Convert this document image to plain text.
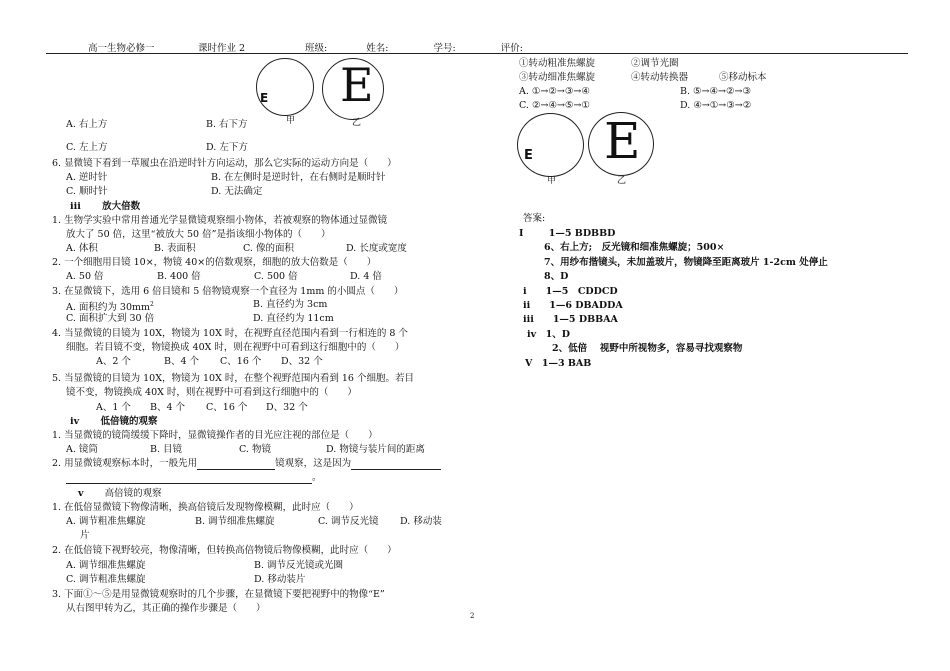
高一生物必修一	课时作业 2	班级:	姓名:	学号:	评价:
E
甲
E
乙
A. 右上方	B. 右下方
C. 左上方	D. 左下方
6. 显微镜下看到一草履虫在沿逆时针方向运动，那么它实际的运动方向是（　　）
A. 逆时针	B. 在左侧时是逆时针，在右侧时是顺时针
C. 顺时针	D. 无法确定
iii 放大倍数
1. 生物学实验中常用普通光学显微镜观察细小物体，若被观察的物体通过显微镜
放大了 50 倍，这里“被放大 50 倍”是指该细小物体的（　　）
A. 体积	B. 表面积	C. 像的面积	D. 长度或宽度
2. 一个细胞用目镜 10×，物镜 40×的倍数观察，细胞的放大倍数是（　　）
A. 50 倍	B. 400 倍	C. 500 倍	D. 4 倍
3. 在显微镜下，选用 6 倍目镜和 5 倍物镜观察一个直径为 1mm 的小圆点（　　）
A. 面积约为 $30mm^2$	B. 直径约为 3cm
C. 面积扩大到 30 倍	D. 直径约为 11cm
4. 当显微镜的目镜为 10X，物镜为 10X 时，在视野直径范围内看到一行相连的 8 个
细胞。若目镜不变，物镜换成 40X 时，则在视野中可看到这行细胞中的（　　）
A、2 个	B、4 个 C、16 个 D、32 个
5. 当显微镜的目镜为 10X，物镜为 10X 时，在整个视野范围内看到 16 个细胞。若目
镜不变，物镜换成 40X 时，则在视野中可看到这行细胞中的（　　）
A、1 个 B、4 个 C、16 个 D、32 个
iv 低倍镜的观察
1. 当显微镜的镜筒缓缓下降时，显微镜操作者的目光应注视的部位是（　　）
A. 镜筒	B. 目镜	C. 物镜	D. 物镜与装片间的距离
2. 用显微镜观察标本时，一般先用	镜观察，这是因为
。
v 高倍镜的观察
1. 在低倍显微镜下物像清晰，换高倍镜后发现物像模糊，此时应（　　）
A. 调节粗准焦螺旋	B. 调节细准焦螺旋	C. 调节反光镜 D. 移动装
片
2. 在低倍镜下视野较亮，物像清晰，但转换高倍物镜后物像模糊，此时应（　　）
A. 调节细准焦螺旋	B. 调节反光镜或光圈
C. 调节粗准焦螺旋	D. 移动装片
3. 下面①～⑤是用显微镜观察时的几个步骤，在显微镜下要把视野中的物像“E”
从右图甲转为乙，其正确的操作步骤是（　　）
①转动粗准焦螺旋	②调节光圈
③转动细准焦螺旋	④转动转换器	⑤移动标本
A. ①→②→③→④	B. ⑤→④→②→③
C. ②→④→⑤→①	D. ④→①→③→②
E
甲
E
乙
答案:
I	1—5 BDBBD
6、右上方;　反光镜和细准焦螺旋；500×
7、用纱布揩镜头，未加盖玻片，物镜降至距离玻片 1-2cm 处停止
8、D
i　　1—5　CDDCD
ii　　1—6 DBADDA
iii　　1—5 DBBAA
iv　1、D
2、低倍　 视野中所视物多，容易寻找观察物
V　1—3 BAB
2
